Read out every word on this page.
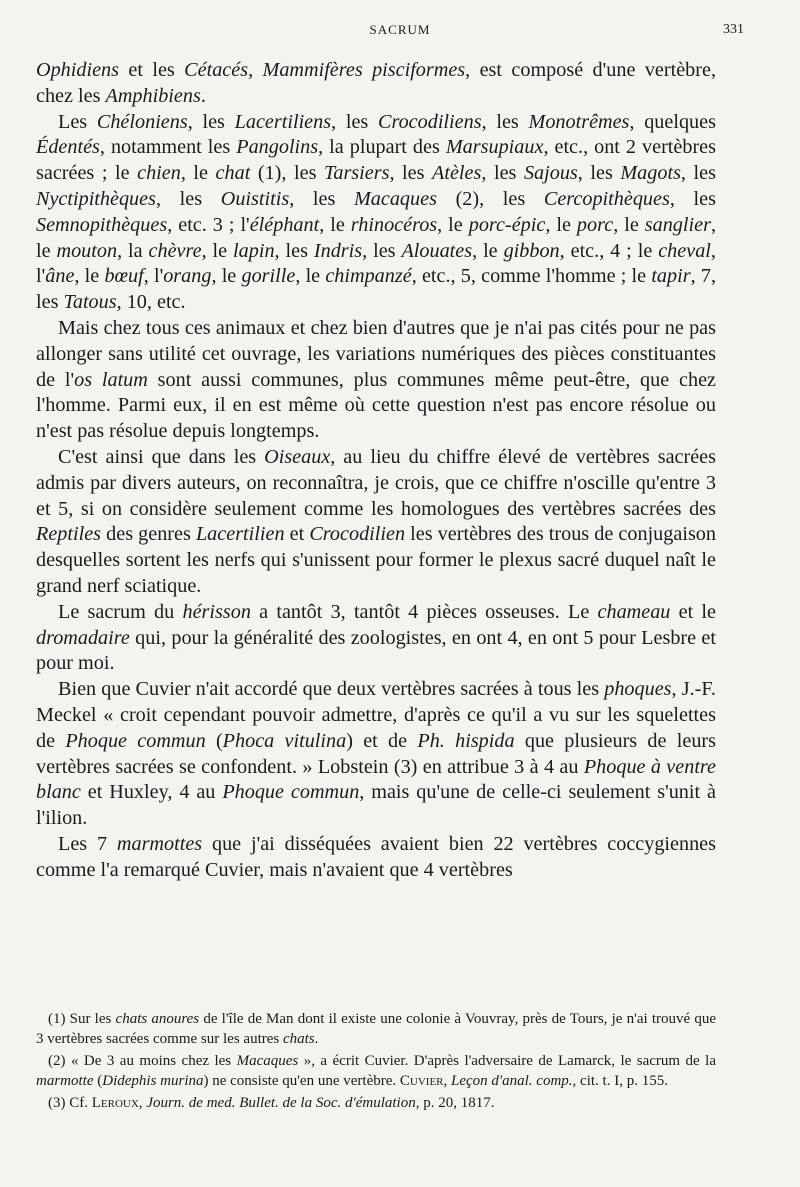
SACRUM	331

Ophidiens et les Cétacés, Mammifères pisciformes, est composé d'une vertèbre, chez les Amphibiens.

Les Chéloniens, les Lacertiliens, les Crocodiliens, les Monotrêmes, quelques Édentés, notamment les Pangolins, la plupart des Marsupiaux, etc., ont 2 vertèbres sacrées ; le chien, le chat (1), les Tarsiers, les Atèles, les Sajous, les Magots, les Nyctipithèques, les Ouistitis, les Macaques (2), les Cercopithèques, les Semnopithèques, etc. 3 ; l'éléphant, le rhinocéros, le porc-épic, le porc, le sanglier, le mouton, la chèvre, le lapin, les Indris, les Alouates, le gibbon, etc., 4 ; le cheval, l'âne, le bœuf, l'orang, le gorille, le chimpanzé, etc., 5, comme l'homme ; le tapir, 7, les Tatous, 10, etc.

Mais chez tous ces animaux et chez bien d'autres que je n'ai pas cités pour ne pas allonger sans utilité cet ouvrage, les variations numériques des pièces constituantes de l'os latum sont aussi communes, plus communes même peut-être, que chez l'homme. Parmi eux, il en est même où cette question n'est pas encore résolue ou n'est pas résolue depuis longtemps.

C'est ainsi que dans les Oiseaux, au lieu du chiffre élevé de vertèbres sacrées admis par divers auteurs, on reconnaîtra, je crois, que ce chiffre n'oscille qu'entre 3 et 5, si on considère seulement comme les homologues des vertèbres sacrées des Reptiles des genres Lacertilien et Crocodilien les vertèbres des trous de conjugaison desquelles sortent les nerfs qui s'unissent pour former le plexus sacré duquel naît le grand nerf sciatique.

Le sacrum du hérisson a tantôt 3, tantôt 4 pièces osseuses. Le chameau et le dromadaire qui, pour la généralité des zoologistes, en ont 4, en ont 5 pour Lesbre et pour moi.

Bien que Cuvier n'ait accordé que deux vertèbres sacrées à tous les phoques, J.-F. Meckel « croit cependant pouvoir admettre, d'après ce qu'il a vu sur les squelettes de Phoque commun (Phoca vitulina) et de Ph. hispida que plusieurs de leurs vertèbres sacrées se confondent. » Lobstein (3) en attribue 3 à 4 au Phoque à ventre blanc et Huxley, 4 au Phoque commun, mais qu'une de celle-ci seulement s'unit à l'ilion.

Les 7 marmottes que j'ai disséquées avaient bien 22 vertèbres coccygiennes comme l'a remarqué Cuvier, mais n'avaient que 4 vertèbres

(1) Sur les chats anoures de l'île de Man dont il existe une colonie à Vouvray, près de Tours, je n'ai trouvé que 3 vertèbres sacrées comme sur les autres chats.

(2) « De 3 au moins chez les Macaques », a écrit Cuvier. D'après l'adversaire de Lamarck, le sacrum de la marmotte (Didephis murina) ne consiste qu'en une vertèbre. Cuvier, Leçon d'anal. comp., cit. t. I, p. 155.

(3) Cf. Leroux, Journ. de med. Bullet. de la Soc. d'émulation, p. 20, 1817.
